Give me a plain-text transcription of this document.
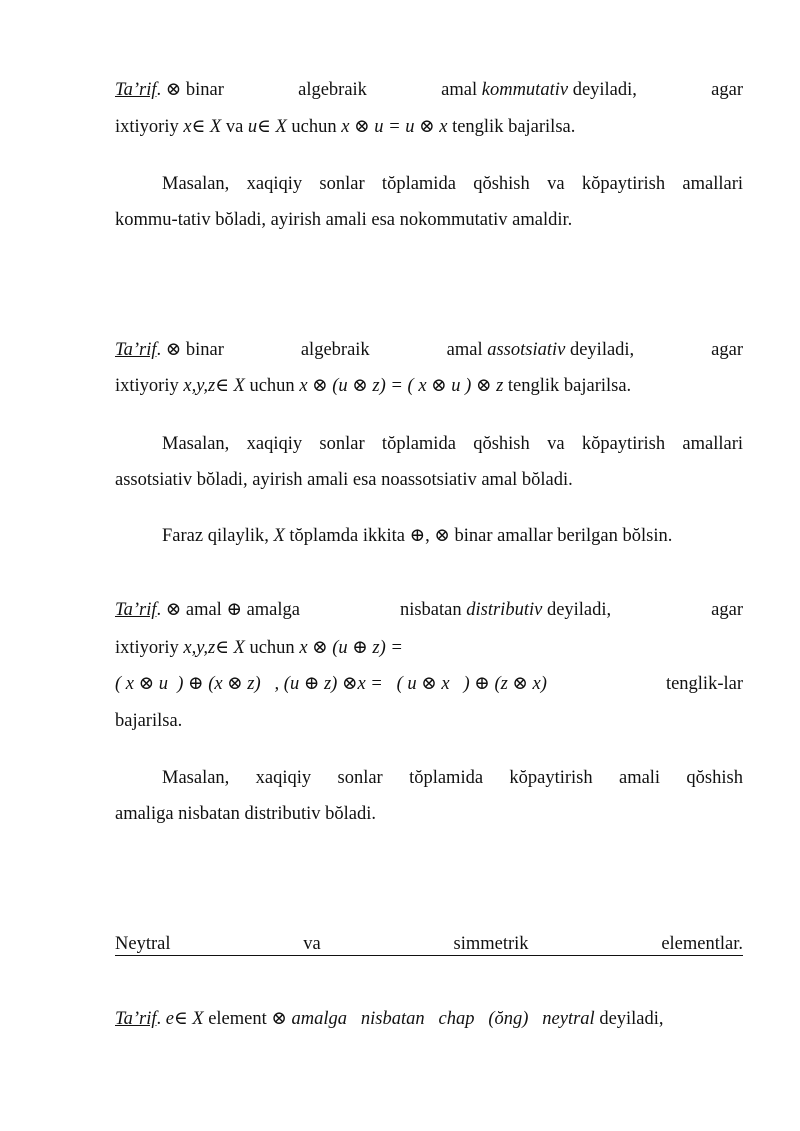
Ta’rif. ⊗ binar	algebraik	amal kommutativ deyiladi,	agar
ixtiyoriy x∈ X va u∈ X uchun x ⊗ u = u ⊗ x tenglik bajarilsa.
Masalan, xaqiqiy sonlar tŏplamida qŏshish va kŏpaytirish amallari
kommu-tativ bŏladi, ayirish amali esa nokommutativ amaldir.
Ta’rif. ⊗ binar	algebraik	amal assotsiativ deyiladi,	agar
ixtiyoriy x,y,z∈ X uchun x ⊗ (u ⊗ z) = ( x ⊗ u ) ⊗ z tenglik bajarilsa.
Masalan, xaqiqiy sonlar tŏplamida qŏshish va kŏpaytirish amallari
assotsiativ bŏladi, ayirish amali esa noassotsiativ amal bŏladi.
Faraz qilaylik, X tŏplamda ikkita ⊕, ⊗ binar amallar berilgan bŏlsin.
Ta’rif. ⊗ amal ⊕ amalga	nisbatan distributiv deyiladi,	agar
ixtiyoriy x,y,z∈ X uchun x ⊗ (u ⊕ z) =
( x ⊗ u  ) ⊕ (x ⊗ z)   , (u ⊕ z) ⊗x =   ( u ⊗ x   ) ⊕ (z ⊗ x)	tenglik-lar
bajarilsa.
Masalan, xaqiqiy sonlar tŏplamida kŏpaytirish amali qŏshish
amaliga nisbatan distributiv bŏladi.
Neytral	va	simmetrik	elementlar.
Ta’rif. e∈ X element ⊗ amalga   nisbatan   chap   (ŏng)   neytral deyiladi,
